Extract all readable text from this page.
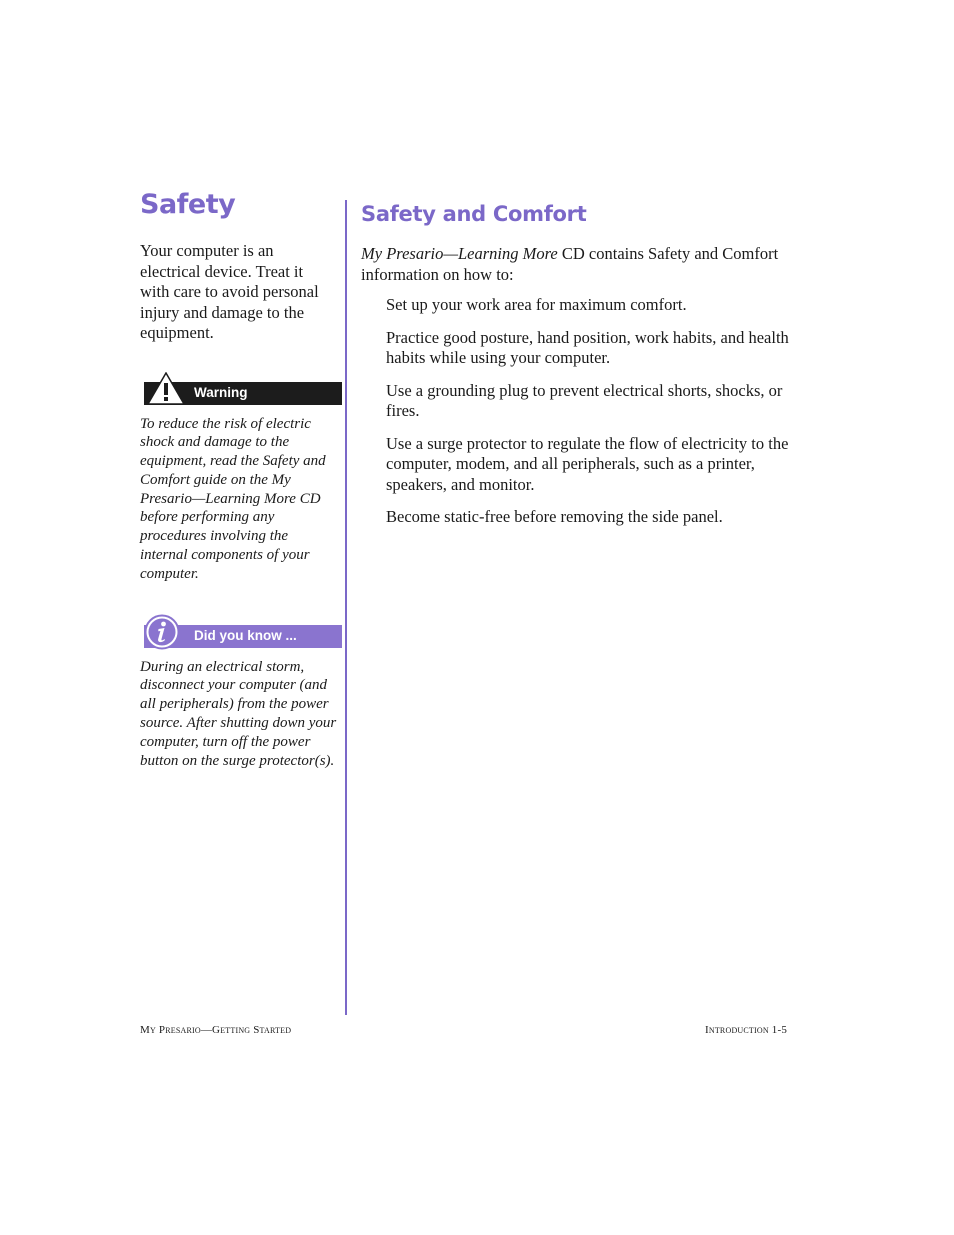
Safety

Your computer is an electrical device. Treat it with care to avoid personal injury and damage to the equipment.

Warning

To reduce the risk of electric shock and damage to the equipment, read the Safety and Comfort guide on the My Presario—Learning More CD before performing any procedures involving the internal components of your computer.

Did you know ...

During an electrical storm, disconnect your computer (and all peripherals) from the power source. After shutting down your computer, turn off the power button on the surge protector(s).

Safety and Comfort

My Presario—Learning More CD contains Safety and Comfort information on how to:

Set up your work area for maximum comfort.
Practice good posture, hand position, work habits, and health habits while using your computer.
Use a grounding plug to prevent electrical shorts, shocks, or fires.
Use a surge protector to regulate the flow of electricity to the computer, modem, and all peripherals, such as a printer, speakers, and monitor.
Become static-free before removing the side panel.
My Presario—Getting Started	Introduction 1-5
